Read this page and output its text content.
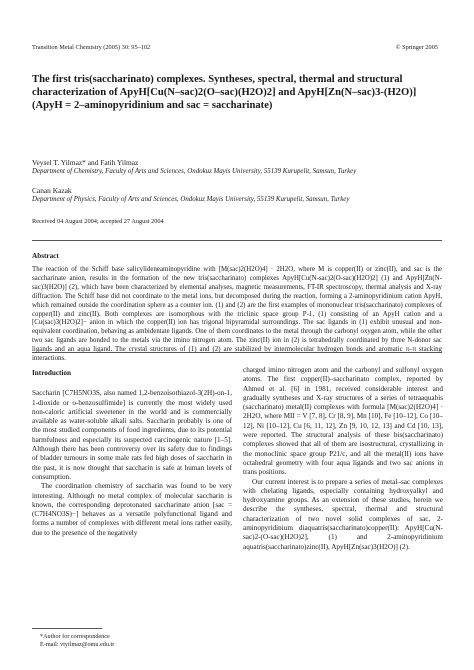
Transition Metal Chemistry (2005) 30: 95–102	© Springer 2005
The first tris(saccharinato) complexes. Syntheses, spectral, thermal and structural characterization of ApyH[Cu(N–sac)2(O–sac)(H2O)2] and ApyH[Zn(N–sac)3-(H2O)] (ApyH = 2–aminopyridinium and sac = saccharinate)
Veysel T. Yilmaz* and Fatih Yilmaz
Department of Chemistry, Faculty of Arts and Sciences, Ondokuz Mayis University, 55139 Kurupelit, Samsun, Turkey
Canan Kazak
Department of Physics, Faculty of Arts and Sciences, Ondokuz Mayis University, 55139 Kurupelit, Samsun, Turkey
Received 04 August 2004; accepted 27 August 2004
Abstract
The reaction of the Schiff base salicylideneaminopyridine with [M(sac)2(H2O)4] · 2H2O, where M is copper(II) or zinc(II), and sac is the saccharinate anion, results in the formation of the new tris(saccharinato) complexes ApyH[Cu(N-sac)2(O-sac)(H2O)2] (1) and ApyH[Zn(N-sac)3(H2O)] (2), which have been characterized by elemental analyses, magnetic measurements, FT-IR spectroscopy, thermal analysis and X-ray diffraction. The Schiff base did not coordinate to the metal ions, but decomposed during the reaction, forming a 2-aminopyridinium cation ApyH, which remained outside the coordination sphere as a counter ion. (1) and (2) are the first examples of mononuclear tris(saccharinato) complexes of copper(II) and zinc(II). Both complexes are isomorphous with the triclinic space group P-1, (1) consisting of an ApyH cation and a [Cu(sac)3(H2O)2]− anion in which the copper(II) ion has trigonal bipyramidal surroundings. The sac ligands in (1) exhibit unusual and non-equivalent coordination, behaving as ambidentate ligands. One of them coordinates to the metal through the carbonyl oxygen atom, while the other two sac ligands are bonded to the metals via the imino nitrogen atom. The zinc(II) ion in (2) is tetrahedrally coordinated by three N-donor sac ligands and an aqua ligand. The crystal structures of (1) and (2) are stabilized by intermolecular hydrogen bonds and aromatic π–π stacking interactions.
Introduction

Saccharin [C7H5NO3S, also named 1,2-benzoisothiazol-3(2H)-on-1, 1-dioxide or o-benzosulfimide] is currently the most widely used non-caloric artificial sweetener in the world and is commercially available as water-soluble alkali salts. Saccharin probably is one of the most studied components of food ingredients, due to its potential harmfulness and especially its suspected carcinogenic nature [1–5]. Although there has been controversy over its safety due to findings of bladder tumours in some male rats fed high doses of saccharin in the past, it is now thought that saccharin is safe at human levels of consumption.

The coordination chemistry of saccharin was found to be very interesting. Although no metal complex of molecular saccharin is known, the corresponding deprotonated saccharinate anion [sac = (C7H4NO3S)−] behaves as a versatile polyfunctional ligand and forms a number of complexes with different metal ions rather easily, due to the presence of the negatively

charged imino nitrogen atom and the carbonyl and sulfonyl oxygen atoms. The first copper(II)–saccharinato complex, reported by Ahmed et al. [6] in 1981, received considerable interest and gradually syntheses and X-ray structures of a series of tetraaquabis (saccharinato) metal(II) complexes with formula [M(sac)2(H2O)4] · 2H2O, where MII = V [7, 8], Cr [8, 9], Mn [10], Fe [10–12], Co [10–12], Ni [10–12], Cu [6, 11, 12], Zn [9, 10, 12, 13] and Cd [10, 13], were reported. The structural analysis of these bis(saccharinato) complexes showed that all of them are isostructural, crystallizing in the monoclinic space group P21/c, and all the metal(II) ions have octahedral geometry with four aqua ligands and two sac anions in trans positions.

Our current interest is to prepare a series of metal–sac complexes with chelating ligands, especially containing hydroxyalkyl and hydroxyamine groups. As an extension of these studies, herein we describe the syntheses, spectral, thermal and structural characterization of two novel solid complexes of sac, 2-aminopyridinium diaquatris(saccharinato)copper(II): ApyH[Cu(N-sac)2-(O-sac)(H2O)2], (1) and 2-aminopyridinium aquatris(saccharinato)zinc(II), ApyH[Zn(sac)3(H2O)] (2).

*Author for correspondence
E-mail: vtyilmaz@omu.edu.tr
